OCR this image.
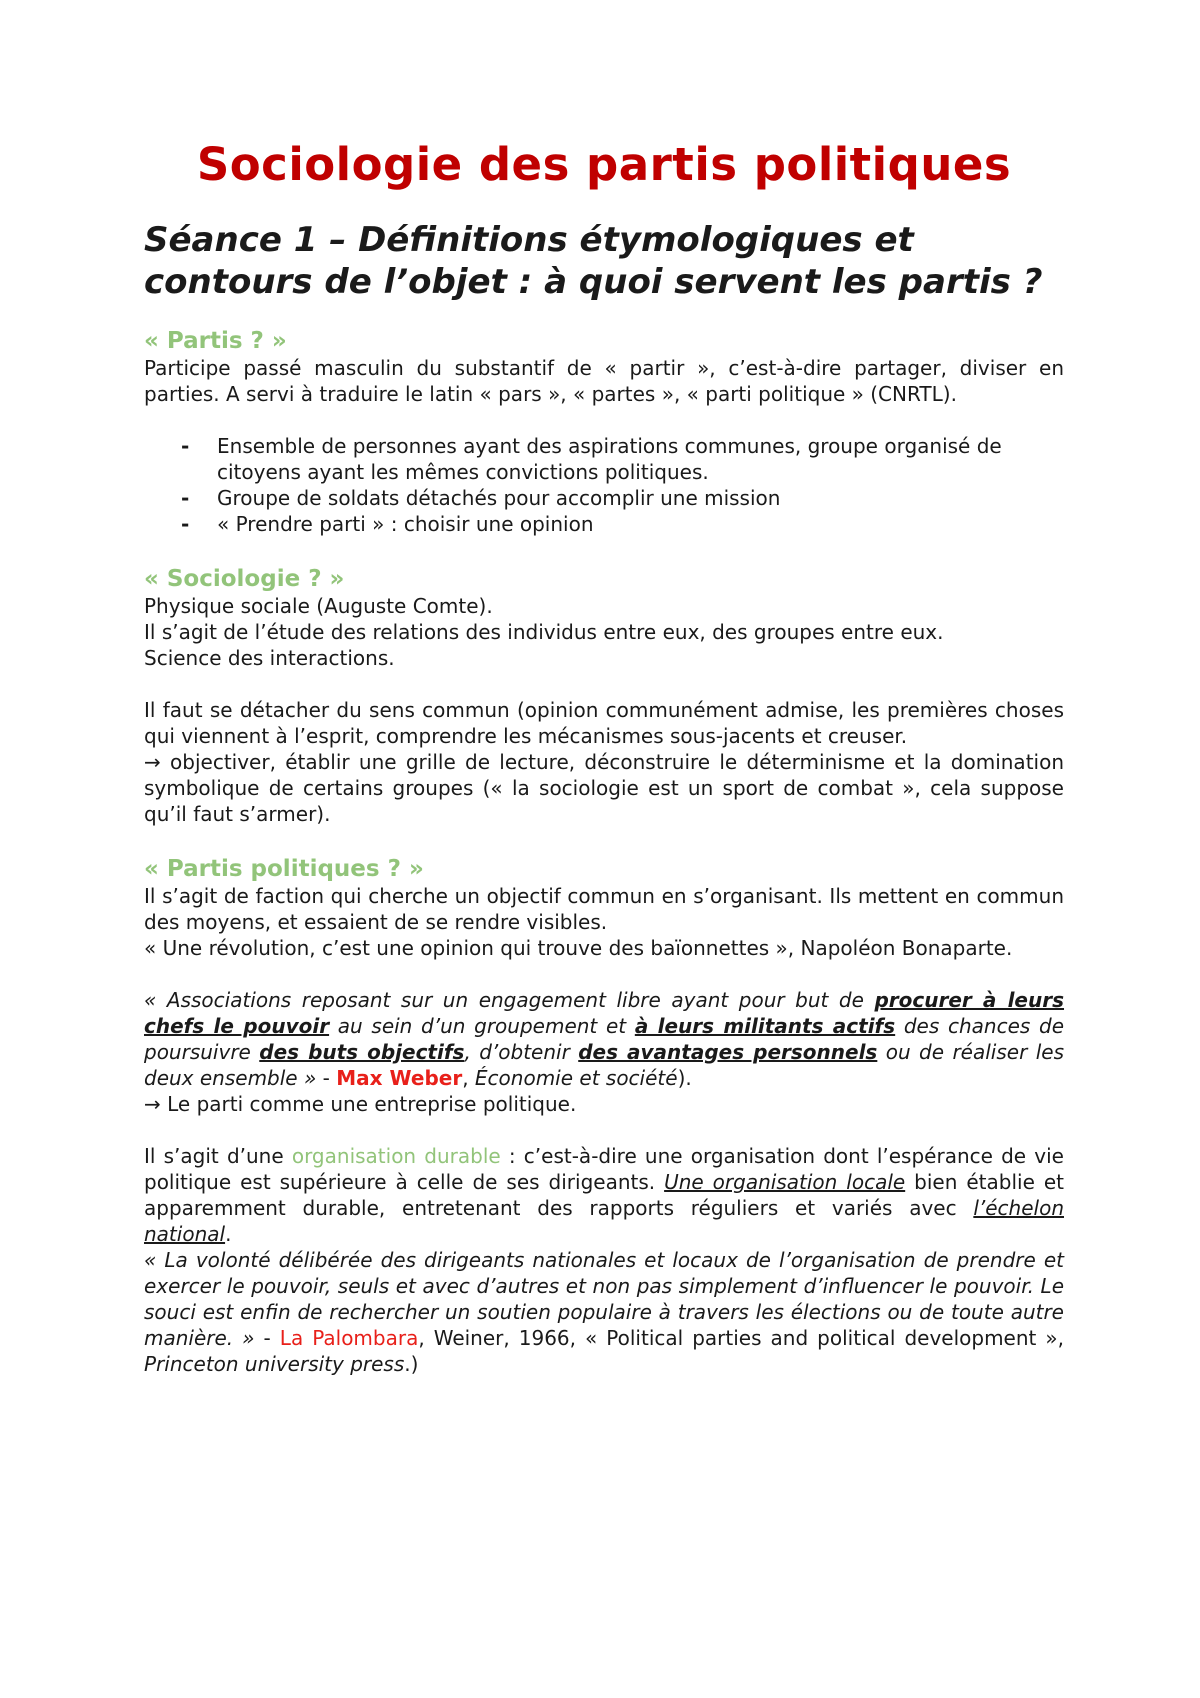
Sociologie des partis politiques
Séance 1 – Définitions étymologiques et contours de l’objet : à quoi servent les partis ?
« Partis ? »

Participe passé masculin du substantif de « partir », c’est-à-dire partager, diviser en parties. A servi à traduire le latin « pars », « partes », « parti politique » (CNRTL).

- Ensemble de personnes ayant des aspirations communes, groupe organisé de citoyens ayant les mêmes convictions politiques.
- Groupe de soldats détachés pour accomplir une mission
- « Prendre parti » : choisir une opinion
« Sociologie ? »

Physique sociale (Auguste Comte).

Il s’agit de l’étude des relations des individus entre eux, des groupes entre eux.

Science des interactions.

Il faut se détacher du sens commun (opinion communément admise, les premières choses qui viennent à l’esprit, comprendre les mécanismes sous-jacents et creuser.

→ objectiver, établir une grille de lecture, déconstruire le déterminisme et la domination symbolique de certains groupes (« la sociologie est un sport de combat », cela suppose qu’il faut s’armer).

« Partis politiques ? »

Il s’agit de faction qui cherche un objectif commun en s’organisant. Ils mettent en commun des moyens, et essaient de se rendre visibles.

« Une révolution, c’est une opinion qui trouve des baïonnettes », Napoléon Bonaparte.

« Associations reposant sur un engagement libre ayant pour but de procurer à leurs chefs le pouvoir au sein d’un groupement et à leurs militants actifs des chances de poursuivre des buts objectifs, d’obtenir des avantages personnels ou de réaliser les deux ensemble » - Max Weber, Économie et société).

→ Le parti comme une entreprise politique.

Il s’agit d’une organisation durable : c’est-à-dire une organisation dont l’espérance de vie politique est supérieure à celle de ses dirigeants. Une organisation locale bien établie et apparemment durable, entretenant des rapports réguliers et variés avec l’échelon national.

« La volonté délibérée des dirigeants nationales et locaux de l’organisation de prendre et exercer le pouvoir, seuls et avec d’autres et non pas simplement d’influencer le pouvoir. Le souci est enfin de rechercher un soutien populaire à travers les élections ou de toute autre manière. » - La Palombara, Weiner, 1966, « Political parties and political development », Princeton university press.)
